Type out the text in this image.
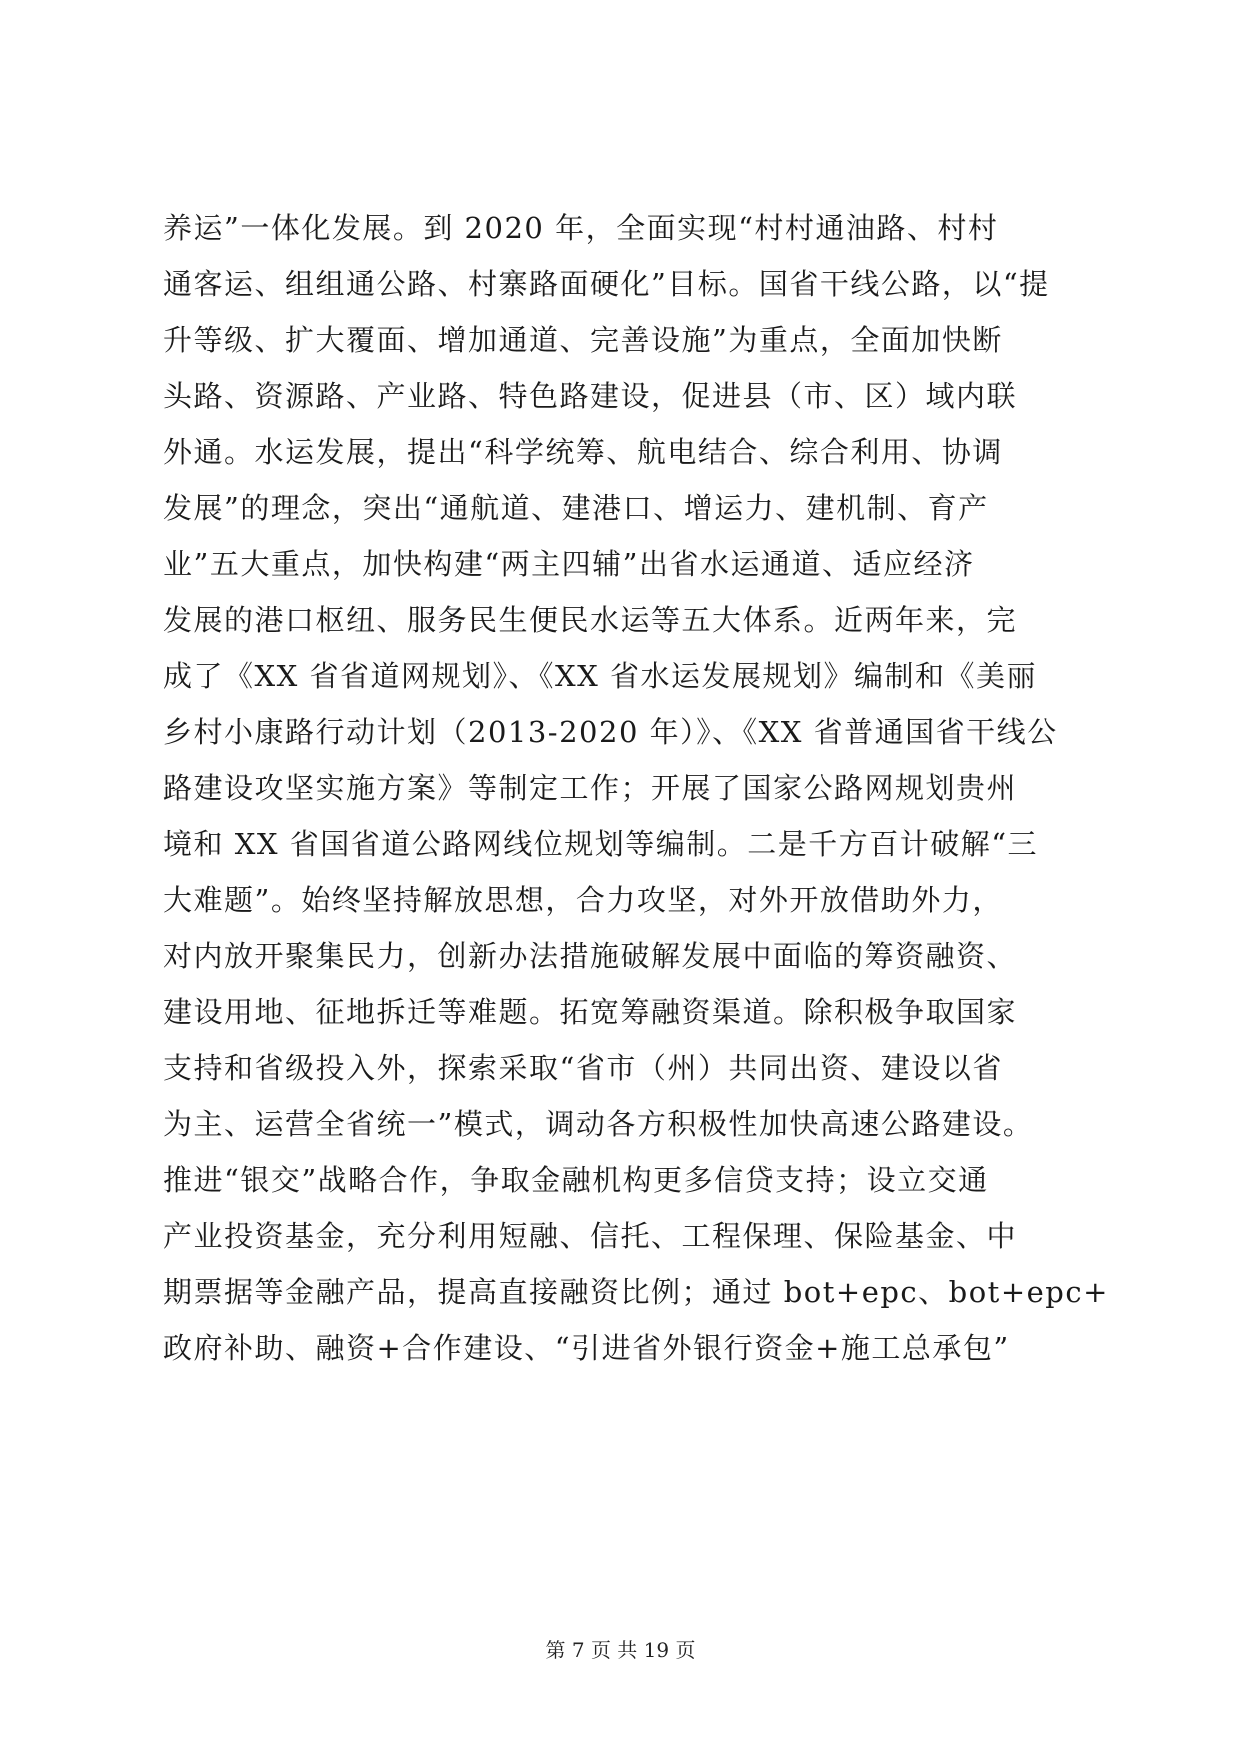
养运”一体化发展。到 2020 年，全面实现“村村通油路、村村
通客运、组组通公路、村寨路面硬化”目标。国省干线公路，以“提
升等级、扩大覆面、增加通道、完善设施”为重点，全面加快断
头路、资源路、产业路、特色路建设，促进县（市、区）域内联
外通。水运发展，提出“科学统筹、航电结合、综合利用、协调
发展”的理念，突出“通航道、建港口、增运力、建机制、育产
业”五大重点，加快构建“两主四辅”出省水运通道、适应经济
发展的港口枢纽、服务民生便民水运等五大体系。近两年来，完
成了《XX 省省道网规划》、《XX 省水运发展规划》编制和《美丽
乡村小康路行动计划（2013-2020 年）》、《XX 省普通国省干线公
路建设攻坚实施方案》等制定工作；开展了国家公路网规划贵州
境和 XX 省国省道公路网线位规划等编制。二是千方百计破解“三
大难题”。始终坚持解放思想，合力攻坚，对外开放借助外力，
对内放开聚集民力，创新办法措施破解发展中面临的筹资融资、
建设用地、征地拆迁等难题。拓宽筹融资渠道。除积极争取国家
支持和省级投入外，探索采取“省市（州）共同出资、建设以省
为主、运营全省统一”模式，调动各方积极性加快高速公路建设。
推进“银交”战略合作，争取金融机构更多信贷支持；设立交通
产业投资基金，充分利用短融、信托、工程保理、保险基金、中
期票据等金融产品，提高直接融资比例；通过 bot+epc、bot+epc+
政府补助、融资+合作建设、“引进省外银行资金+施工总承包”
第 7 页 共 19 页
